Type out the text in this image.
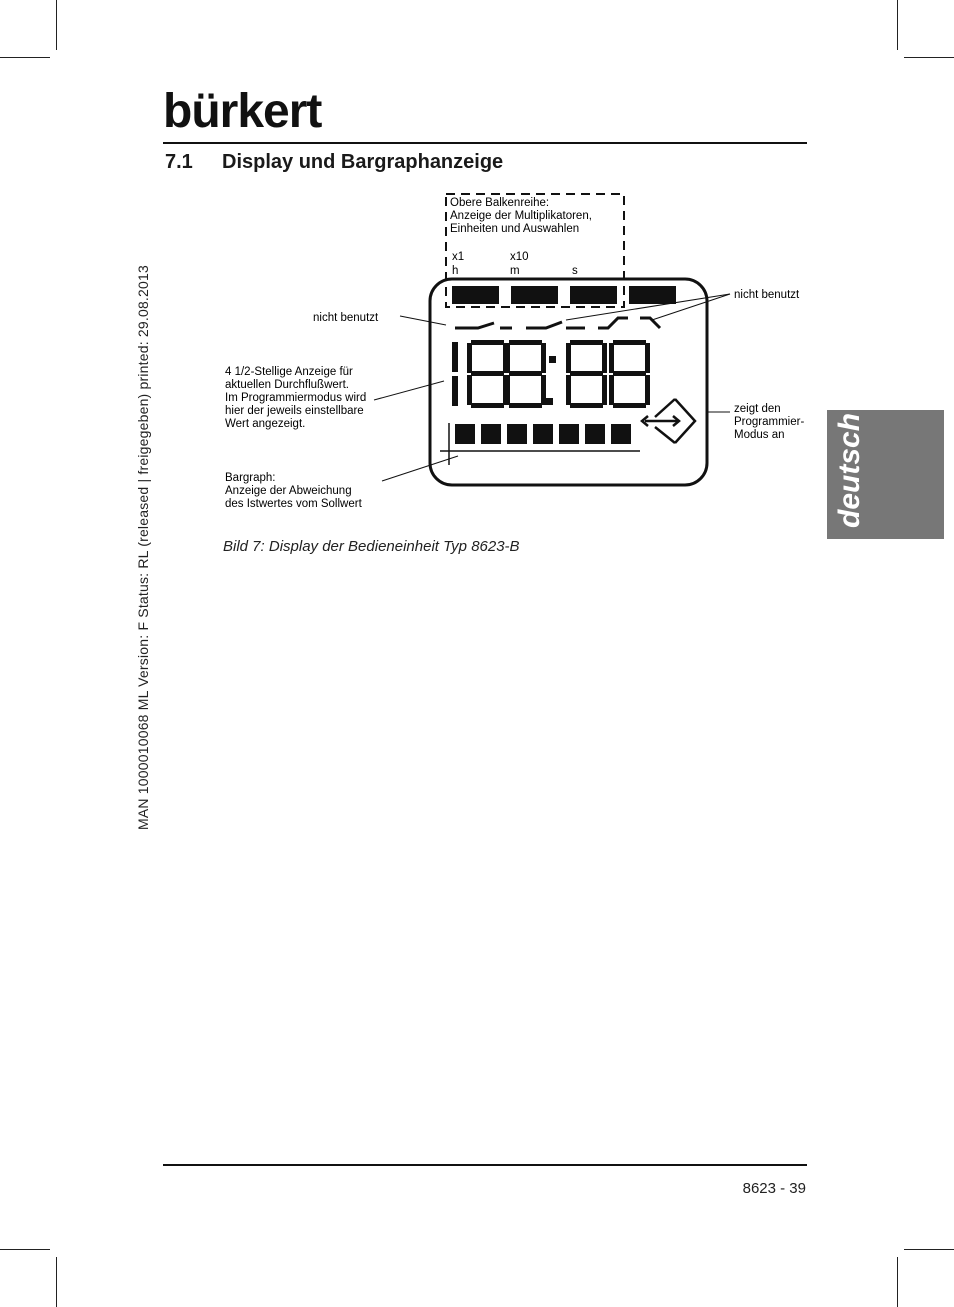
bürkert
7.1 Display und Bargraphanzeige
MAN 1000010068 ML Version: F Status: RL (released | freigegeben) printed: 29.08.2013	deutsch
Obere Balkenreihe:
Anzeige der Multiplikatoren,
Einheiten und Auswahlen
x1	x10
h	m	s
nicht benutzt
nicht benutzt
4 1/2-Stellige Anzeige für
aktuellen Durchflußwert.
Im Programmiermodus wird
hier der jeweils einstellbare
Wert angezeigt.
zeigt den
Programmier-
Modus an
Bargraph:
Anzeige der Abweichung
des Istwertes vom Sollwert
Bild 7: Display der Bedieneinheit Typ 8623-B
8623 - 39
